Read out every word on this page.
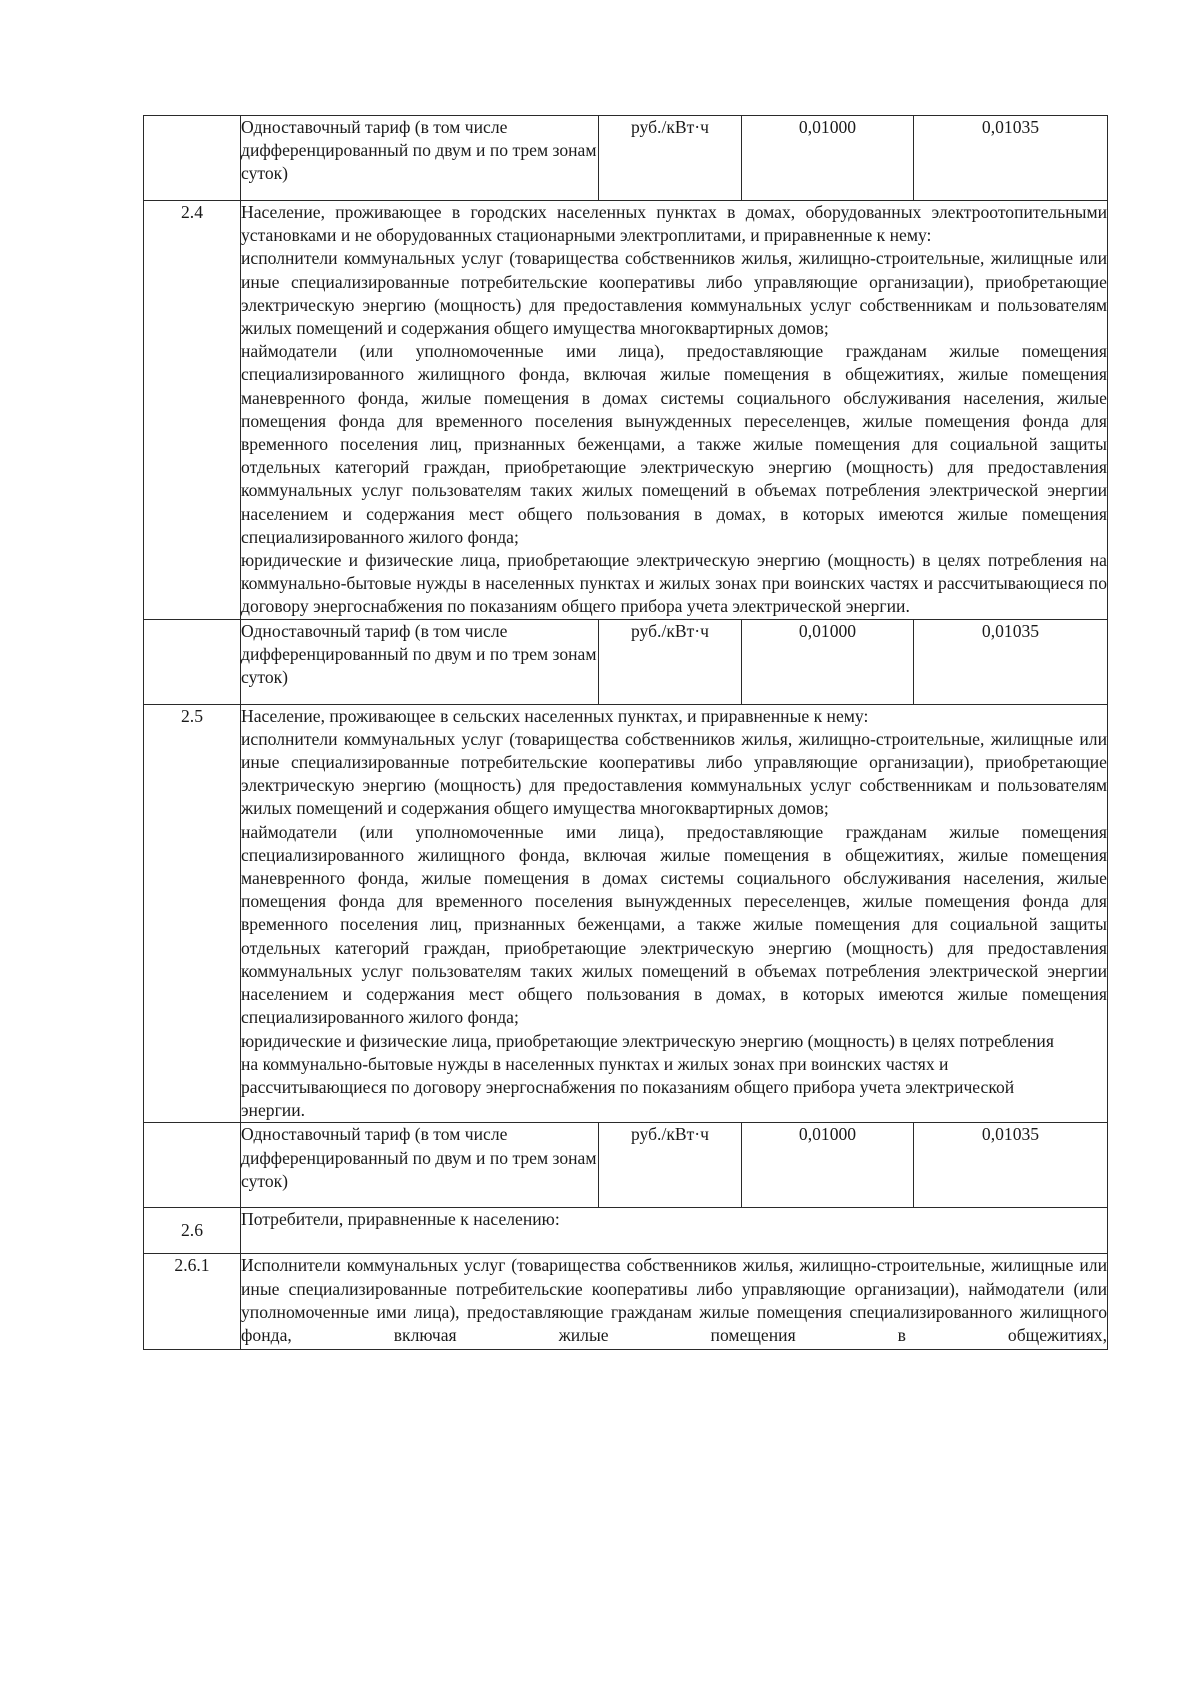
	Одноставочный тариф (в том числе дифференцированный по двум и по трем зонам суток)	руб./кВт·ч	0,01000	0,01035
2.4	Население, проживающее в городских населенных пунктах в домах, оборудованных электроотопительными установками и не оборудованных стационарными электроплитами, и приравненные к нему:

исполнители коммунальных услуг (товарищества собственников жилья, жилищно-строительные, жилищные или иные специализированные потребительские кооперативы либо управляющие организации), приобретающие электрическую энергию (мощность) для предоставления коммунальных услуг собственникам и пользователям жилых помещений и содержания общего имущества многоквартирных домов;

наймодатели (или уполномоченные ими лица), предоставляющие гражданам жилые помещения специализированного жилищного фонда, включая жилые помещения в общежитиях, жилые помещения маневренного фонда, жилые помещения в домах системы социального обслуживания населения, жилые помещения фонда для временного поселения вынужденных переселенцев, жилые помещения фонда для временного поселения лиц, признанных беженцами, а также жилые помещения для социальной защиты отдельных категорий граждан, приобретающие электрическую энергию (мощность) для предоставления коммунальных услуг пользователям таких жилых помещений в объемах потребления электрической энергии населением и содержания мест общего пользования в домах, в которых имеются жилые помещения специализированного жилого фонда;

юридические и физические лица, приобретающие электрическую энергию (мощность) в целях потребления на коммунально-бытовые нужды в населенных пунктах и жилых зонах при воинских частях и рассчитывающиеся по договору энергоснабжения по показаниям общего прибора учета электрической энергии.			

	Одноставочный тариф (в том числе дифференцированный по двум и по трем зонам суток)	руб./кВт·ч	0,01000	0,01035
2.5	Население, проживающее в сельских населенных пунктах, и приравненные к нему:

исполнители коммунальных услуг (товарищества собственников жилья, жилищно-строительные, жилищные или иные специализированные потребительские кооперативы либо управляющие организации), приобретающие электрическую энергию (мощность) для предоставления коммунальных услуг собственникам и пользователям жилых помещений и содержания общего имущества многоквартирных домов;

наймодатели (или уполномоченные ими лица), предоставляющие гражданам жилые помещения специализированного жилищного фонда, включая жилые помещения в общежитиях, жилые помещения маневренного фонда, жилые помещения в домах системы социального обслуживания населения, жилые помещения фонда для временного поселения вынужденных переселенцев, жилые помещения фонда для временного поселения лиц, признанных беженцами, а также жилые помещения для социальной защиты отдельных категорий граждан, приобретающие электрическую энергию (мощность) для предоставления коммунальных услуг пользователям таких жилых помещений в объемах потребления электрической энергии населением и содержания мест общего пользования в домах, в которых имеются жилые помещения специализированного жилого фонда;

юридические и физические лица, приобретающие электрическую энергию (мощность) в целях потребления на коммунально-бытовые нужды в населенных пунктах и жилых зонах при воинских частях и рассчитывающиеся по договору энергоснабжения по показаниям общего прибора учета электрической энергии.			

	Одноставочный тариф (в том числе дифференцированный по двум и по трем зонам суток)	руб./кВт·ч	0,01000	0,01035
2.6	Потребители, приравненные к населению:			

2.6.1	Исполнители коммунальных услуг (товарищества собственников жилья, жилищно-строительные, жилищные или иные специализированные потребительские кооперативы либо управляющие организации), наймодатели (или уполномоченные ими лица), предоставляющие гражданам жилые помещения специализированного жилищного фонда, включая жилые помещения в общежитиях,			
